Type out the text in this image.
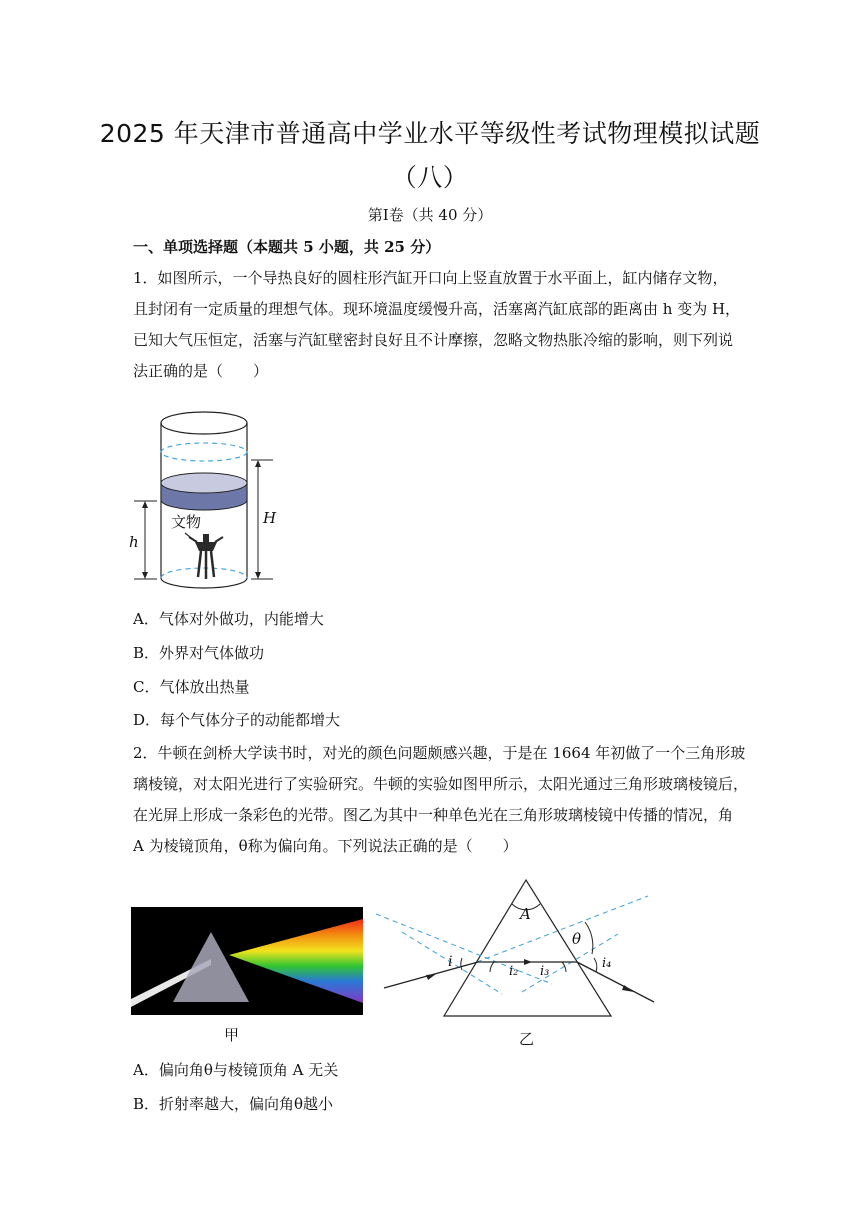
2025 年天津市普通高中学业水平等级性考试物理模拟试题
（八）
第Ⅰ卷（共 40 分）
一、单项选择题（本题共 5 小题，共 25 分）
1．如图所示，一个导热良好的圆柱形汽缸开口向上竖直放置于水平面上，缸内储存文物，
且封闭有一定质量的理想气体。现环境温度缓慢升高，活塞离汽缸底部的距离由 h 变为 H，
已知大气压恒定，活塞与汽缸壁密封良好且不计摩擦，忽略文物热胀冷缩的影响，则下列说
法正确的是（　　）
文物
h
H
A．气体对外做功，内能增大
B．外界对气体做功
C．气体放出热量
D．每个气体分子的动能都增大
2．牛顿在剑桥大学读书时，对光的颜色问题颇感兴趣，于是在 1664 年初做了一个三角形玻
璃棱镜，对太阳光进行了实验研究。牛顿的实验如图甲所示，太阳光通过三角形玻璃棱镜后，
在光屏上形成一条彩色的光带。图乙为其中一种单色光在三角形玻璃棱镜中传播的情况，角
A 为棱镜顶角，θ称为偏向角。下列说法正确的是（　　）
甲
A
θ
i
i₂ i₃
i₄
乙
A．偏向角θ与棱镜顶角 A 无关
B．折射率越大，偏向角θ越小
